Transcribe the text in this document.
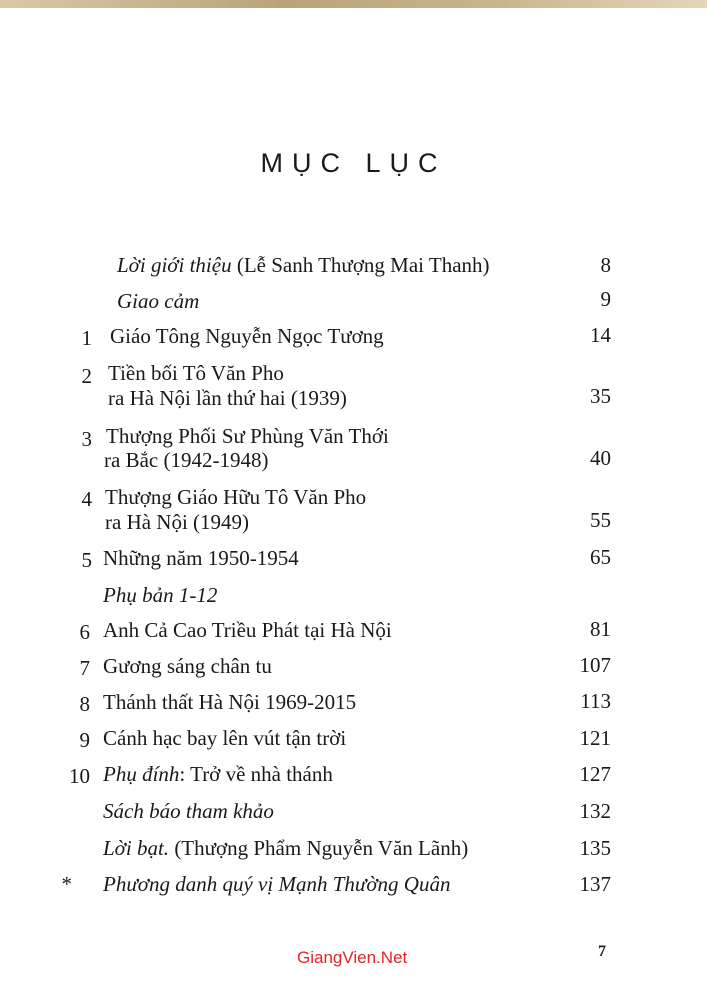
MỤC LỤC
Lời giới thiệu (Lễ Sanh Thượng Mai Thanh)	8
Giao cảm	9
1 Giáo Tông Nguyễn Ngọc Tương	14
2 Tiền bối Tô Văn Pho
ra Hà Nội lần thứ hai (1939)	35
3 Thượng Phối Sư Phùng Văn Thới
ra Bắc (1942-1948)	40
4 Thượng Giáo Hữu Tô Văn Pho
ra Hà Nội (1949)	55
5 Những năm 1950-1954	65
Phụ bản 1-12
6 Anh Cả Cao Triều Phát tại Hà Nội	81
7 Gương sáng chân tu	107
8 Thánh thất Hà Nội 1969-2015	113
9 Cánh hạc bay lên vút tận trời	121
10 Phụ đính: Trở về nhà thánh	127
Sách báo tham khảo	132
Lời bạt. (Thượng Phẩm Nguyễn Văn Lãnh)	135
* Phương danh quý vị Mạnh Thường Quân	137
GiangVien.Net	7
